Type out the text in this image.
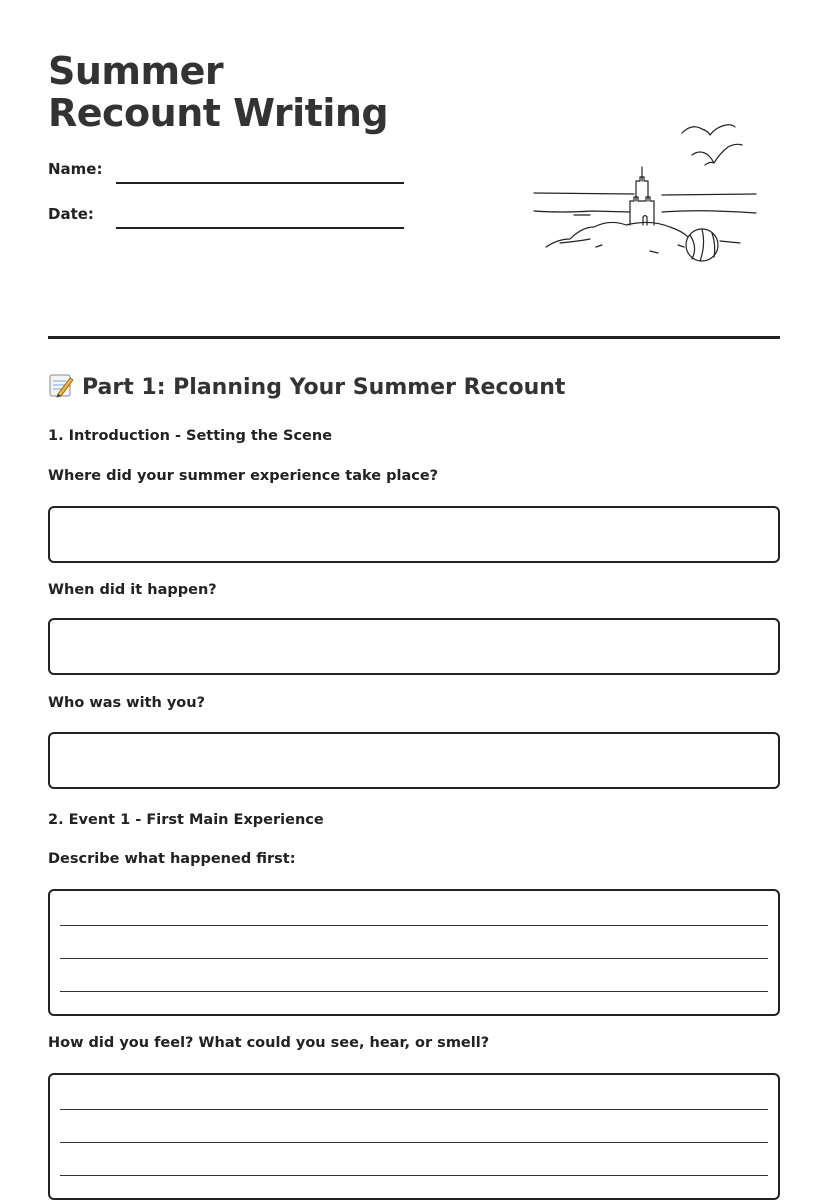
Summer Recount Writing
Name:
Date:
Part 1: Planning Your Summer Recount
1. Introduction - Setting the Scene

Where did your summer experience take place?

When did it happen?

Who was with you?

2. Event 1 - First Main Experience

Describe what happened first:

How did you feel? What could you see, hear, or smell?
